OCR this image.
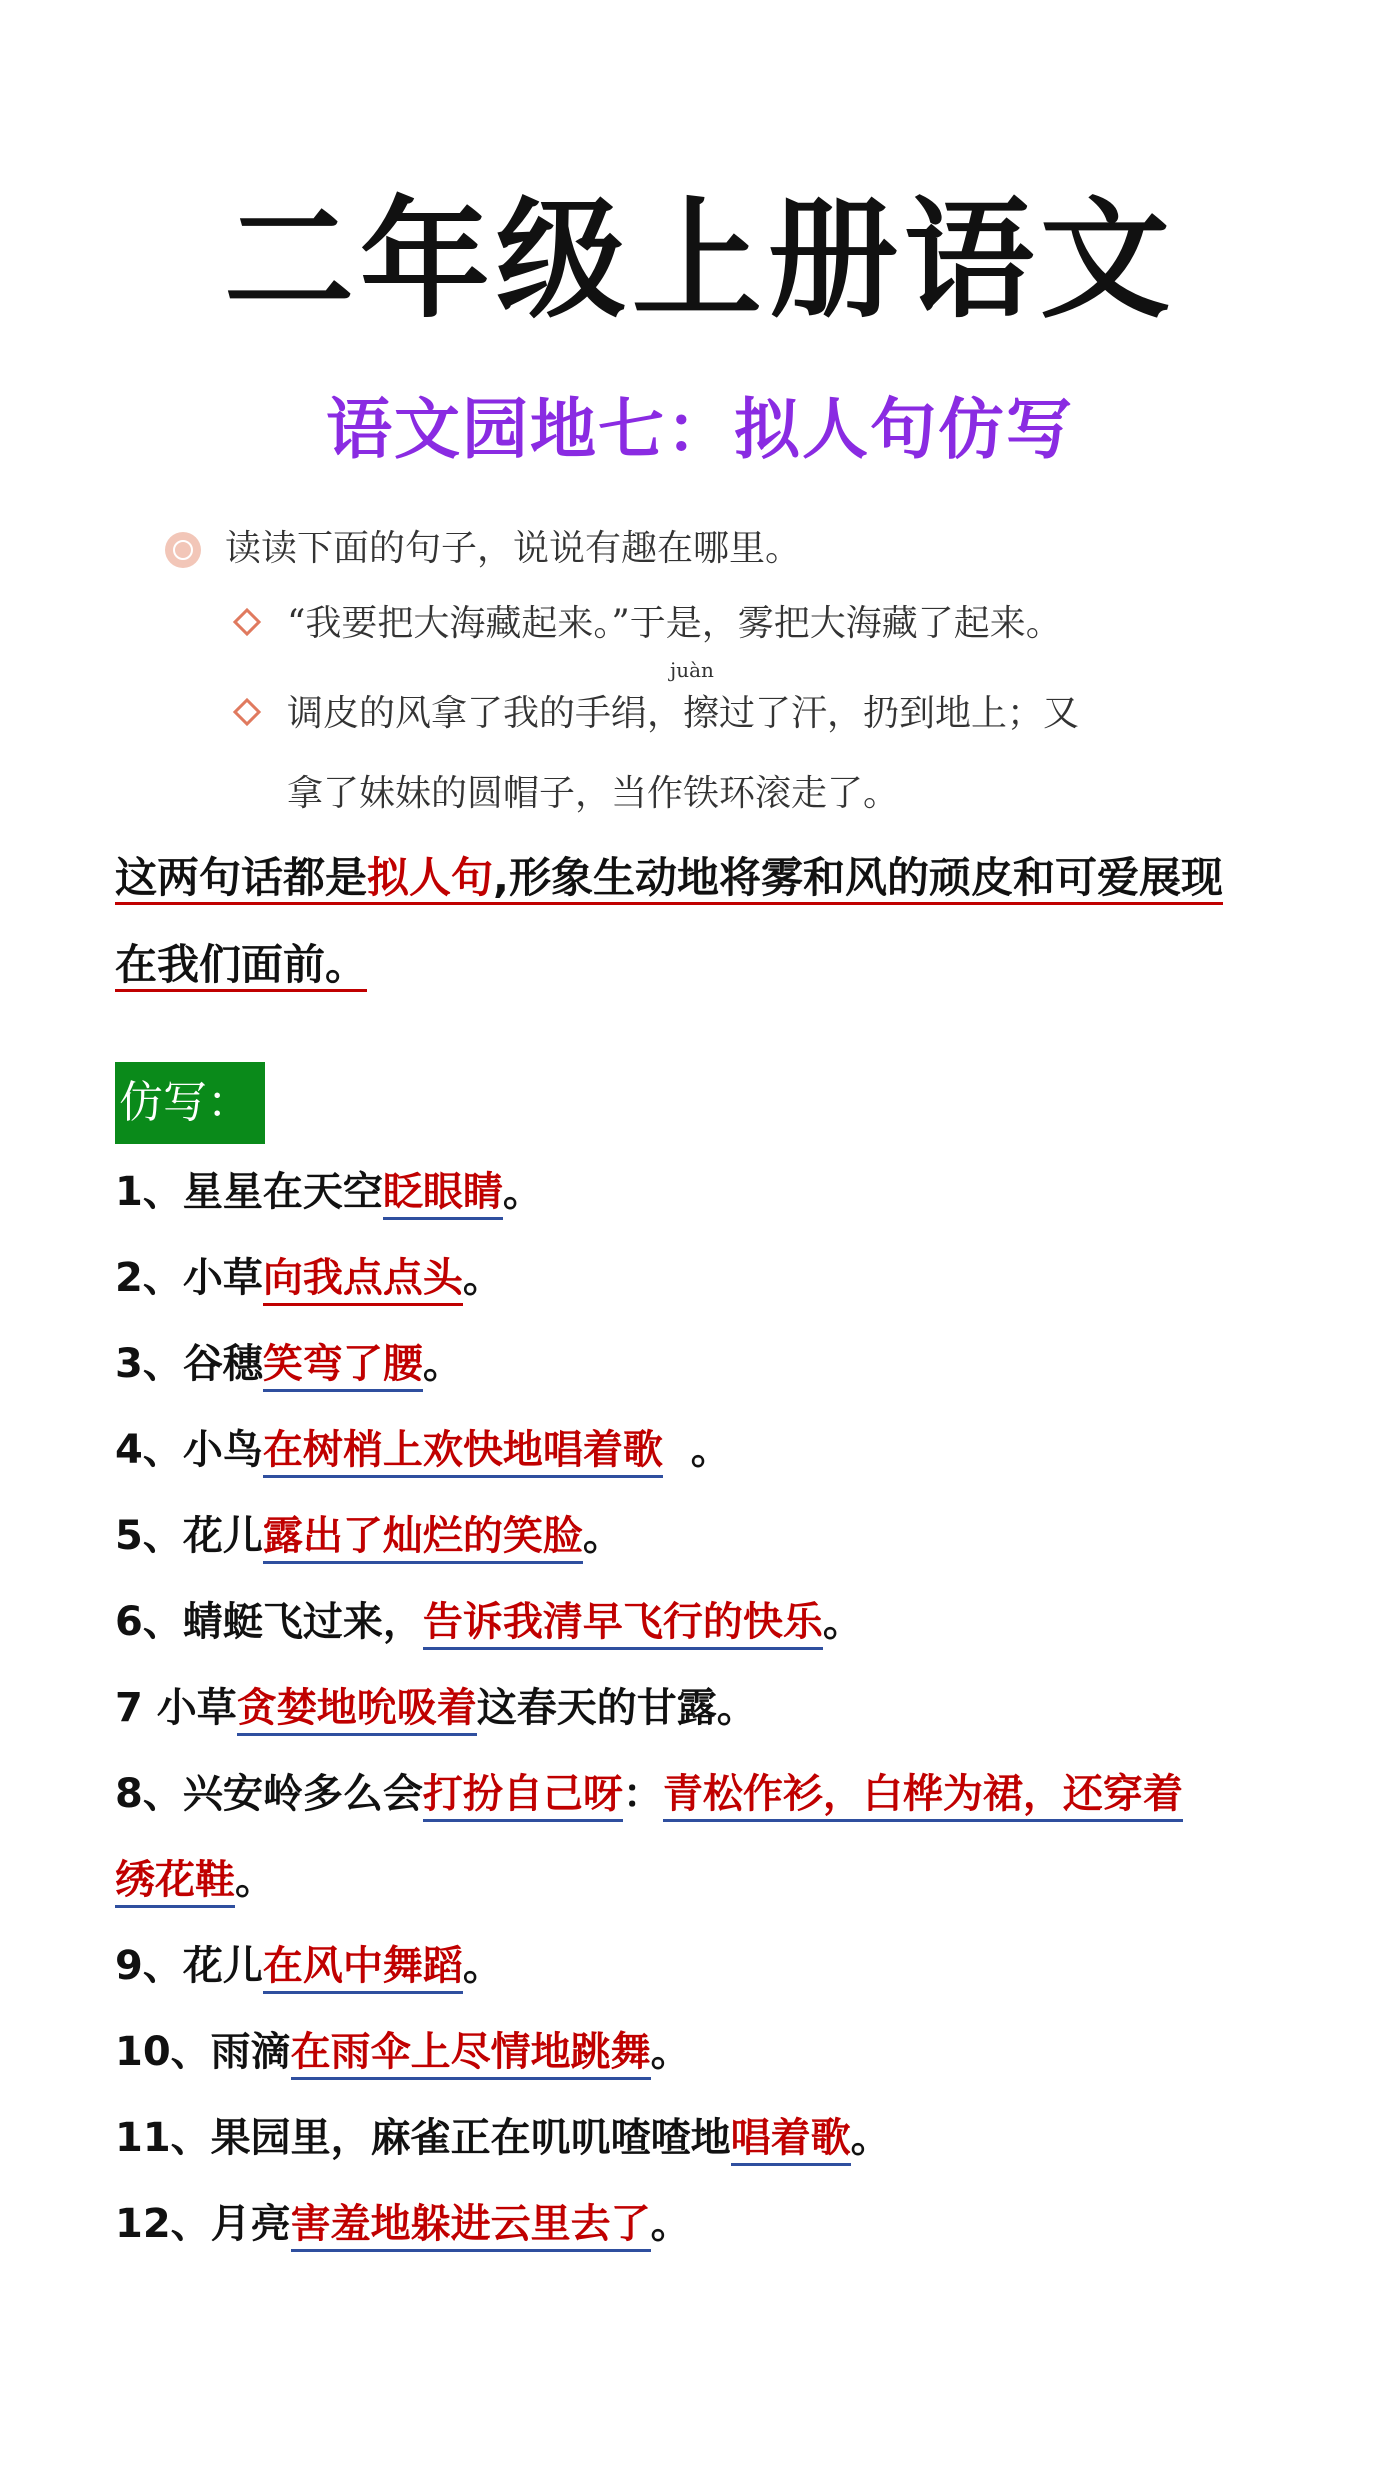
二年级上册语文
语文园地七：拟人句仿写
读读下面的句子，说说有趣在哪里。
“我要把大海藏起来。”于是，雾把大海藏了起来。
juàn
调皮的风拿了我的手绢，擦过了汗，扔到地上；又
拿了妹妹的圆帽子，当作铁环滚走了。
这两句话都是拟人句,形象生动地将雾和风的顽皮和可爱展现
在我们面前。
仿写：
1、星星在天空眨眼睛。
2、小草向我点点头。
3、谷穗笑弯了腰。
4、小鸟在树梢上欢快地唱着歌  。
5、花儿露出了灿烂的笑脸。
6、蜻蜓飞过来，告诉我清早飞行的快乐。
7 小草贪婪地吮吸着这春天的甘露。
8、兴安岭多么会打扮自己呀：青松作衫，白桦为裙，还穿着
绣花鞋。
9、花儿在风中舞蹈。
10、雨滴在雨伞上尽情地跳舞。
11、果园里，麻雀正在叽叽喳喳地唱着歌。
12、月亮害羞地躲进云里去了。
